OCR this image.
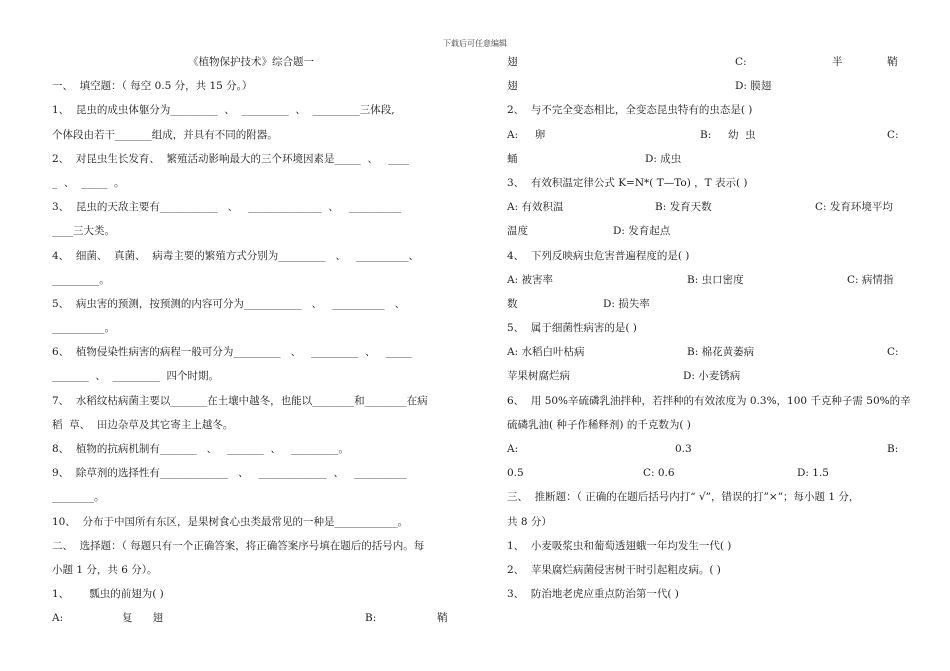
下载后可任意编辑
《植物保护技术》综合题一
一、  填空题：（ 每空 0.5 分，共 15 分。）
1、  昆虫的成虫体躯分为_________  、  _________  、  _________三体段,
个体段由若干_______组成，并具有不同的附器。
2、  对昆虫生长发育、  繁殖活动影响最大的三个环境因素是_____  、   ____
_  、  _____  。
3、  昆虫的天敌主要有___________   、   ______________  、   __________
____三大类。
4、  细菌、  真菌、  病毒主要的繁殖方式分别为_________   、   __________、
_________。
5、  病虫害的预测，按预测的内容可分为___________   、   __________   、
__________。
6、  植物侵染性病害的病程一般可分为_________   、   _________  、   _____
_______  、  _________  四个时期。
7、  水稻纹枯病菌主要以_______在土壤中越冬，也能以________和________在病
稻  草、  田边杂草及其它寄主上越冬。
8、  植物的抗病机制有_______   、   _______  、   _________。
9、  除草剂的选择性有_____________   、   _____________  、   __________
________。
10、  分布于中国所有东区，是果树食心虫类最常见的一种是____________。
二、  选择题：（ 每题只有一个正确答案，将正确答案序号填在题后的括号内。每
小题 1 分，共 6 分）。
1、      瓢虫的前翅为( )
A:	复      翅	B:	鞘
翅	C:	半	鞘
翅	D: 膜翅
2、  与不完全变态相比，全变态昆虫特有的虫态是( )
A:     卵	B:     幼  虫	C:
蛹	D: 成虫
3、  有效积温定律公式 K=N*( T—To) ，T 表示( )
A: 有效积温	B: 发育天数	C: 发育环境平均
温度	D: 发育起点
4、  下列反映病虫危害普遍程度的是( )
A: 被害率	B: 虫口密度	C: 病情指
数	D: 损失率
5、  属于细菌性病害的是( )
A: 水稻白叶枯病	B: 棉花黄萎病	C:
苹果树腐烂病	D: 小麦锈病
6、  用 50%辛硫磷乳油拌种，若拌种的有效浓度为 0.3%，100 千克种子需 50%的辛
硫磷乳油( 种子作稀释剂) 的千克数为( )
A:	0.3	B:
0.5	C: 0.6	D: 1.5
三、  推断题：（ 正确的在题后括号内打“ √”，错误的打”×”；每小题 1 分，
共 8 分）
1、  小麦吸浆虫和葡萄透翅蛾一年均发生一代( )
2、  苹果腐烂病菌侵害树干时引起粗皮病。( )
3、  防治地老虎应重点防治第一代( )
